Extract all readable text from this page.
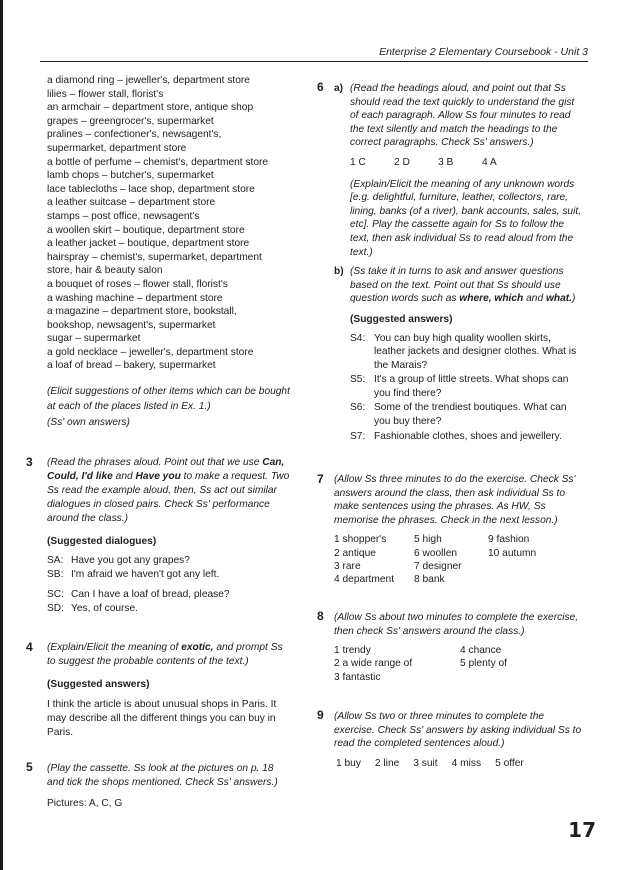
Enterprise 2 Elementary Coursebook - Unit 3
a diamond ring – jeweller's, department store
lilies – flower stall, florist's
an armchair – department store, antique shop
grapes – greengrocer's, supermarket
pralines – confectioner's, newsagent's,
supermarket, department store
a bottle of perfume – chemist's, department store
lamb chops – butcher's, supermarket
lace tablecloths – lace shop, department store
a leather suitcase – department store
stamps – post office, newsagent's
a woollen skirt – boutique, department store
a leather jacket – boutique, department store
hairspray – chemist's, supermarket, department
store, hair & beauty salon
a bouquet of roses – flower stall, florist's
a washing machine – department store
a magazine – department store, bookstall,
bookshop, newsagent's, supermarket
sugar – supermarket
a gold necklace – jeweller's, department store
a loaf of bread – bakery, supermarket
(Elicit suggestions of other items which can be bought at each of the places listed in Ex. 1.)
(Ss' own answers)
3 (Read the phrases aloud. Point out that we use Can, Could, I'd like and Have you to make a request. Two Ss read the example aloud, then, Ss act out similar dialogues in closed pairs. Check Ss' performance around the class.)

(Suggested dialogues)

SA: Have you got any grapes?
SB: I'm afraid we haven't got any left.
SC: Can I have a loaf of bread, please?
SD: Yes, of course.
4 (Explain/Elicit the meaning of exotic, and prompt Ss to suggest the probable contents of the text.)

(Suggested answers)

I think the article is about unusual shops in Paris. It may describe all the different things you can buy in Paris.

5 (Play the cassette. Ss look at the pictures on p. 18 and tick the shops mentioned. Check Ss' answers.)

Pictures: A, C, G

6 a) (Read the headings aloud, and point out that Ss should read the text quickly to understand the gist of each paragraph. Allow Ss four minutes to read the text silently and match the headings to the correct paragraphs. Check Ss' answers.)

1 C	2 D	3 B	4 A

(Explain/Elicit the meaning of any unknown words [e.g. delightful, furniture, leather, collectors, rare, lining, banks (of a river), bank accounts, sales, suit, etc]. Play the cassette again for Ss to follow the text, then ask individual Ss to read aloud from the text.)

b) (Ss take it in turns to ask and answer questions based on the text. Point out that Ss should use question words such as where, which and what.)

(Suggested answers)

S4: You can buy high quality woollen skirts, leather jackets and designer clothes. What is the Marais?
S5: It's a group of little streets. What shops can you find there?
S6: Some of the trendiest boutiques. What can you buy there?
S7: Fashionable clothes, shoes and jewellery.
7 (Allow Ss three minutes to do the exercise. Check Ss' answers around the class, then ask individual Ss to make sentences using the phrases. As HW, Ss memorise the phrases. Check in the next lesson.)

1 shopper's	5 high	9 fashion
2 antique	6 woollen	10 autumn
3 rare	7 designer
4 department	8 bank
8 (Allow Ss about two minutes to complete the exercise, then check Ss' answers around the class.)

1 trendy	4 chance
2 a wide range of	5 plenty of
3 fantastic
9 (Allow Ss two or three minutes to complete the exercise. Check Ss' answers by asking individual Ss to read the completed sentences aloud.)

1 buy 2 line 3 suit 4 miss 5 offer
17
